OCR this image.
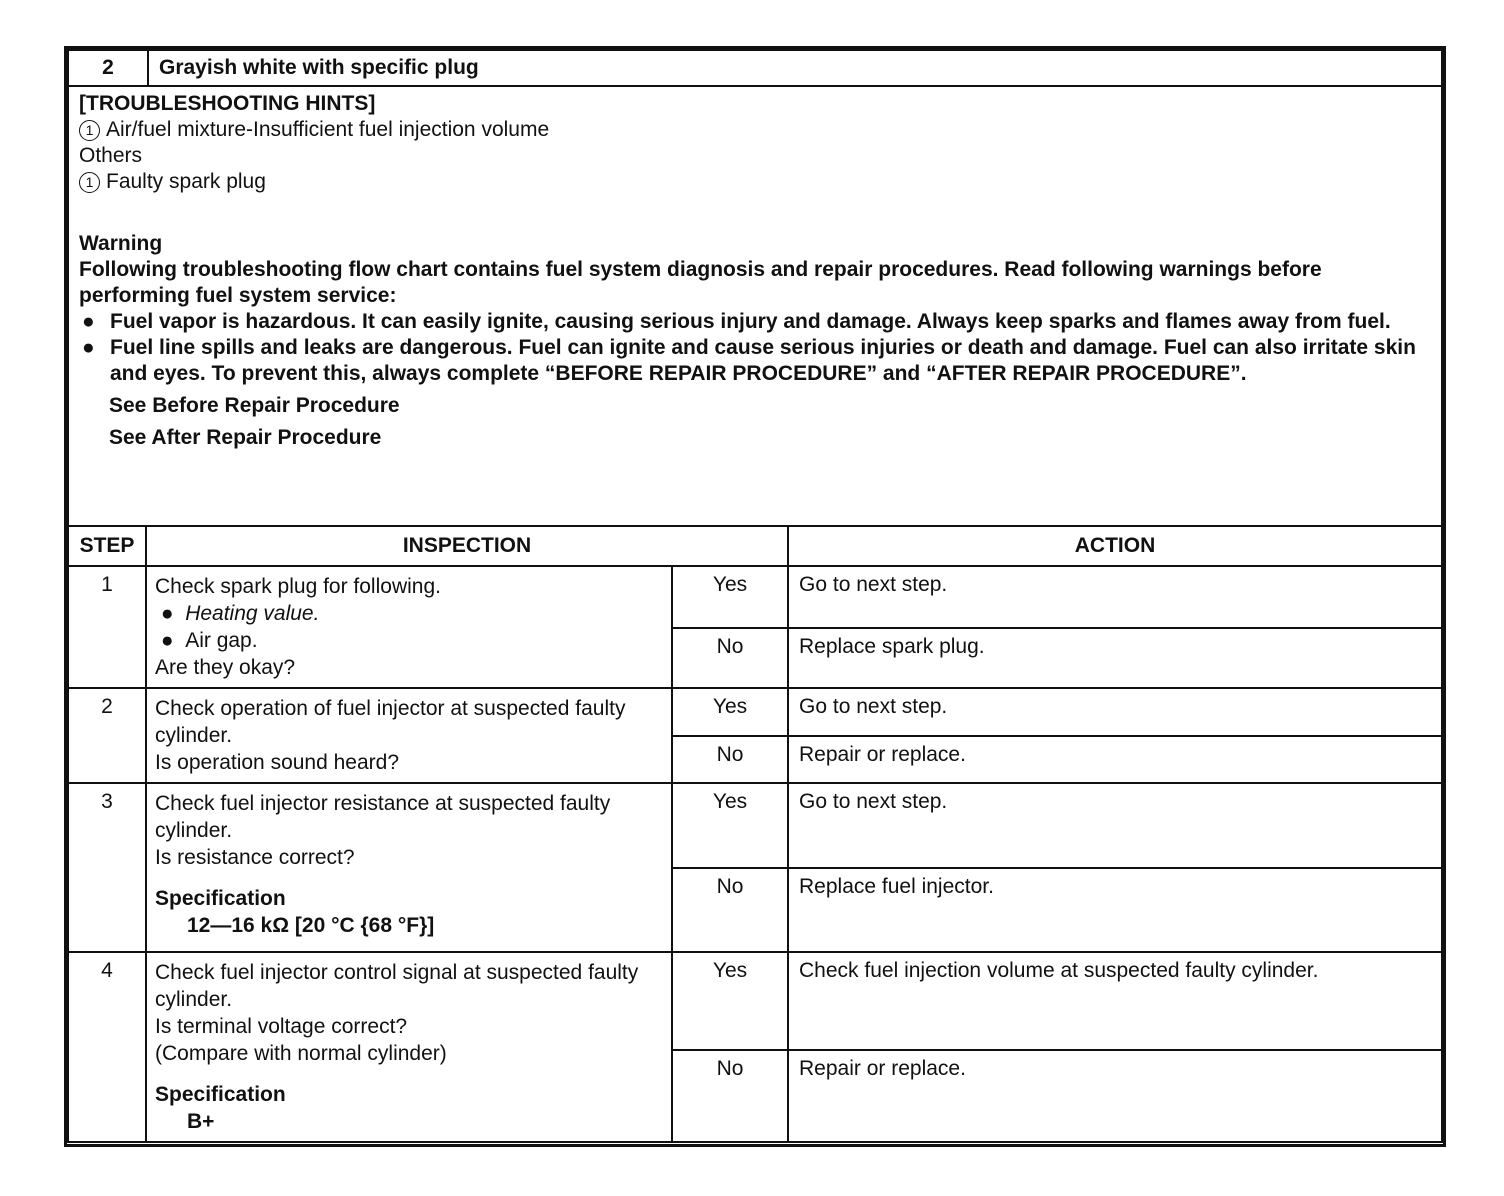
2	Grayish white with specific plug

[TROUBLESHOOTING HINTS]
1 Air/fuel mixture-Insufficient fuel injection volume
Others
1 Faulty spark plug
Warning
Following troubleshooting flow chart contains fuel system diagnosis and repair procedures. Read following warnings before performing fuel system service:
● Fuel vapor is hazardous. It can easily ignite, causing serious injury and damage. Always keep sparks and flames away from fuel.
● Fuel line spills and leaks are dangerous. Fuel can ignite and cause serious injuries or death and damage. Fuel can also irritate skin and eyes. To prevent this, always complete “BEFORE REPAIR PROCEDURE” and “AFTER REPAIR PROCEDURE”.
See Before Repair Procedure
See After Repair Procedure
STEP	INSPECTION		ACTION
1	Check spark plug for following.
●  Heating value.
●  Air gap.
Are they okay?	Yes	Go to next step.
		No	Replace spark plug.
2	Check operation of fuel injector at suspected faulty cylinder.
Is operation sound heard?	Yes	Go to next step.
		No	Repair or replace.
3	Check fuel injector resistance at suspected faulty cylinder.
Is resistance correct?
Specification
12—16 kΩ [20 °C {68 °F}]	Yes	Go to next step.
		No	Replace fuel injector.
4	Check fuel injector control signal at suspected faulty cylinder.
Is terminal voltage correct?
(Compare with normal cylinder)
Specification
B+	Yes	Check fuel injection volume at suspected faulty cylinder.
		No	Repair or replace.
